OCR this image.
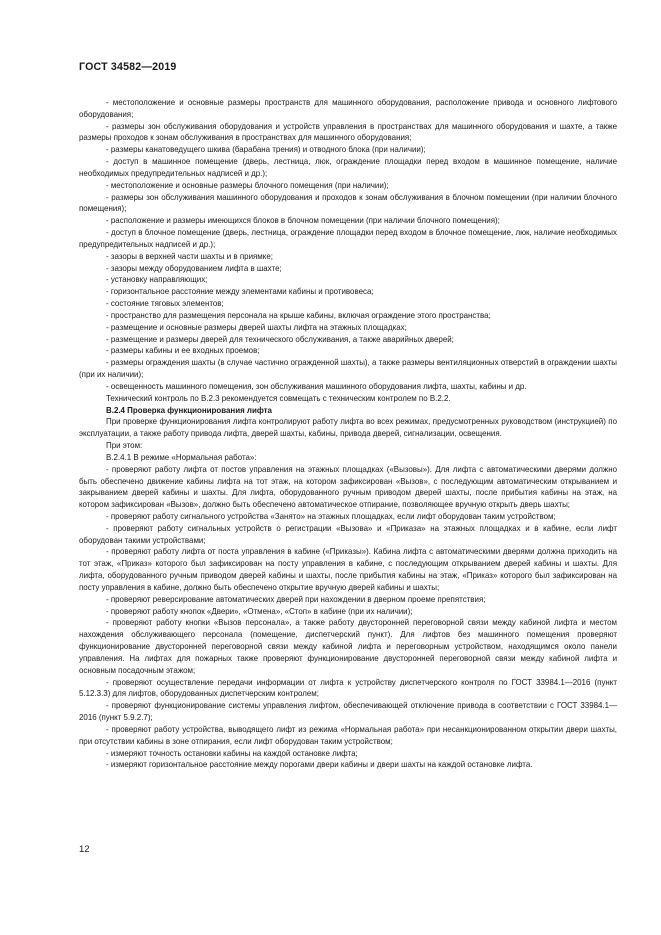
ГОСТ 34582—2019

- местоположение и основные размеры пространств для машинного оборудования, расположение привода и основного лифтового оборудования;

- размеры зон обслуживания оборудования и устройств управления в пространствах для машинного оборудования и шахте, а также размеры проходов к зонам обслуживания в пространствах для машинного оборудования;

- размеры канатоведущего шкива (барабана трения) и отводного блока (при наличии);

- доступ в машинное помещение (дверь, лестница, люк, ограждение площадки перед входом в машинное помещение, наличие необходимых предупредительных надписей и др.);

- местоположение и основные размеры блочного помещения (при наличии);

- размеры зон обслуживания машинного оборудования и проходов к зонам обслуживания в блочном помещении (при наличии блочного помещения);

- расположение и размеры имеющихся блоков в блочном помещении (при наличии блочного помещения);

- доступ в блочное помещение (дверь, лестница, ограждение площадки перед входом в блочное помещение, люк, наличие необходимых предупредительных надписей и др.);

- зазоры в верхней части шахты и в приямке;

- зазоры между оборудованием лифта в шахте;

- установку направляющих;

- горизонтальное расстояние между элементами кабины и противовеса;

- состояние тяговых элементов;

- пространство для размещения персонала на крыше кабины, включая ограждение этого пространства;

- размещение и основные размеры дверей шахты лифта на этажных площадках;

- размещение и размеры дверей для технического обслуживания, а также аварийных дверей;

- размеры кабины и ее входных проемов;

- размеры ограждения шахты (в случае частично огражденной шахты), а также размеры вентиляционных отверстий в ограждении шахты (при их наличии);

- освещенность машинного помещения, зон обслуживания машинного оборудования лифта, шахты, кабины и др.

Технический контроль по В.2.3 рекомендуется совмещать с техническим контролем по В.2.2.

В.2.4 Проверка функционирования лифта

При проверке функционирования лифта контролируют работу лифта во всех режимах, предусмотренных руководством (инструкцией) по эксплуатации, а также работу привода лифта, дверей шахты, кабины, привода дверей, сигнализации, освещения.

При этом:

В.2.4.1 В режиме «Нормальная работа»:

- проверяют работу лифта от постов управления на этажных площадках («Вызовы»). Для лифта с автоматическими дверями должно быть обеспечено движение кабины лифта на тот этаж, на котором зафиксирован «Вызов», с последующим автоматическим открыванием и закрыванием дверей кабины и шахты. Для лифта, оборудованного ручным приводом дверей шахты, после прибытия кабины на этаж, на котором зафиксирован «Вызов», должно быть обеспечено автоматическое отпирание, позволяющее вручную открыть дверь шахты;

- проверяют работу сигнального устройства «Занято» на этажных площадках, если лифт оборудован таким устройством;

- проверяют работу сигнальных устройств о регистрации «Вызова» и «Приказа» на этажных площадках и в кабине, если лифт оборудован такими устройствами;

- проверяют работу лифта от поста управления в кабине («Приказы»). Кабина лифта с автоматическими дверями должна приходить на тот этаж, «Приказ» которого был зафиксирован на посту управления в кабине, с последующим открыванием дверей кабины и шахты. Для лифта, оборудованного ручным приводом дверей кабины и шахты, после прибытия кабины на этаж, «Приказ» которого был зафиксирован на посту управления в кабине, должно быть обеспечено открытие вручную дверей кабины и шахты;

- проверяют реверсирование автоматических дверей при нахождении в дверном проеме препятствия;

- проверяют работу кнопок «Двери», «Отмена», «Стоп» в кабине (при их наличии);

- проверяют работу кнопки «Вызов персонала», а также работу двусторонней переговорной связи между кабиной лифта и местом нахождения обслуживающего персонала (помещение, диспетчерский пункт). Для лифтов без машинного помещения проверяют функционирование двусторонней переговорной связи между кабиной лифта и переговорным устройством, находящимся около панели управления. На лифтах для пожарных также проверяют функционирование двусторонней переговорной связи между кабиной лифта и основным посадочным этажом;

- проверяют осуществление передачи информации от лифта к устройству диспетчерского контроля по ГОСТ 33984.1—2016 (пункт 5.12.3.3) для лифтов, оборудованных диспетчерским контролем;

- проверяют функционирование системы управления лифтом, обеспечивающей отключение привода в соответствии с ГОСТ 33984.1—2016 (пункт 5.9.2.7);

- проверяют работу устройства, выводящего лифт из режима «Нормальная работа» при несанкционированном открытии двери шахты, при отсутствии кабины в зоне отпирания, если лифт оборудован таким устройством;

- измеряют точность остановки кабины на каждой остановке лифта;

- измеряют горизонтальное расстояние между порогами двери кабины и двери шахты на каждой остановке лифта.

12
